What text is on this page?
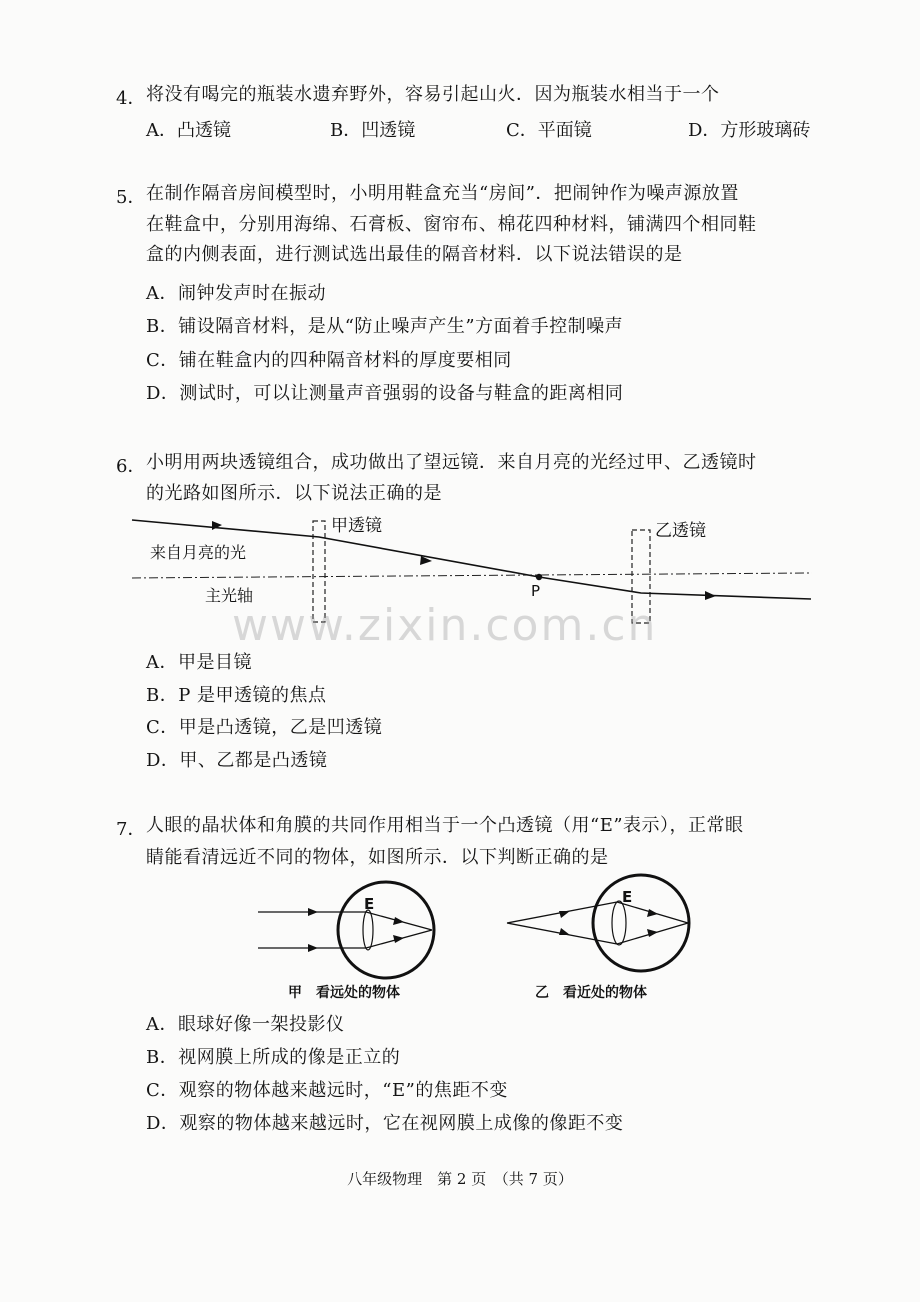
4． 将没有喝完的瓶装水遗弃野外，容易引起山火．因为瓶装水相当于一个
A．凸透镜	B．凹透镜	C．平面镜	D．方形玻璃砖
5． 在制作隔音房间模型时，小明用鞋盒充当“房间”．把闹钟作为噪声源放置
在鞋盒中，分别用海绵、石膏板、窗帘布、棉花四种材料，铺满四个相同鞋
盒的内侧表面，进行测试选出最佳的隔音材料．以下说法错误的是
A．闹钟发声时在振动
B．铺设隔音材料，是从“防止噪声产生”方面着手控制噪声
C．铺在鞋盒内的四种隔音材料的厚度要相同
D．测试时，可以让测量声音强弱的设备与鞋盒的距离相同
6． 小明用两块透镜组合，成功做出了望远镜．来自月亮的光经过甲、乙透镜时
的光路如图所示．以下说法正确的是
甲透镜	乙透镜
来自月亮的光
主光轴	P
A．甲是目镜
B．P 是甲透镜的焦点
C．甲是凸透镜，乙是凹透镜
D．甲、乙都是凸透镜
www.zixin.com.cn
7． 人眼的晶状体和角膜的共同作用相当于一个凸透镜（用“E”表示），正常眼
睛能看清远近不同的物体，如图所示．以下判断正确的是
E
甲　看远处的物体
E
乙　看近处的物体
A．眼球好像一架投影仪
B．视网膜上所成的像是正立的
C．观察的物体越来越远时，“E”的焦距不变
D．观察的物体越来越远时，它在视网膜上成像的像距不变
八年级物理　第 2 页　（共 7 页）
